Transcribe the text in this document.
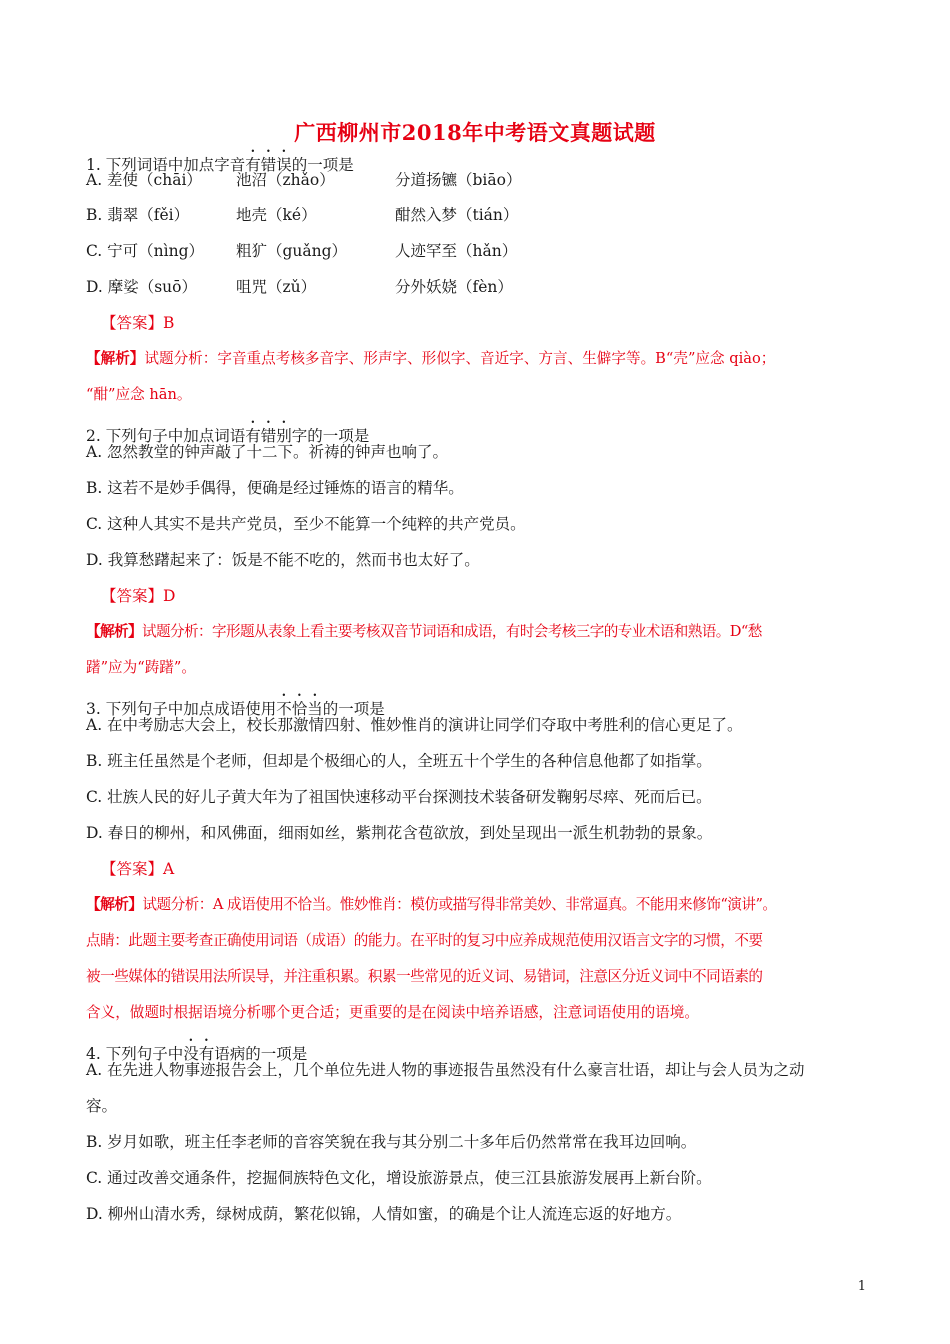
广西柳州市2018年中考语文真题试题
1. 下列词语中加点字音有错误的一项是
A. 差使（chāi） 池沼（zhǎo）	分道扬镳（biāo）
B. 翡翠（fěi）	地壳（ké）	酣然入梦（tián）
C. 宁可（nìng） 粗犷（guǎng）	人迹罕至（hǎn）
D. 摩娑（suō）	咀咒（zǔ）	分外妖娆（fèn）
【答案】B
【解析】试题分析：字音重点考核多音字、形声字、形似字、音近字、方言、生僻字等。B“壳”应念 qiào；
“酣”应念 hān。
2. 下列句子中加点词语有错别字的一项是
A. 忽然教堂的钟声敲了十二下。祈祷的钟声也响了。
B. 这若不是妙手偶得，便确是经过锤炼的语言的精华。
C. 这种人其实不是共产党员，至少不能算一个纯粹的共产党员。
D. 我算愁躇起来了：饭是不能不吃的，然而书也太好了。
【答案】D
【解析】试题分析：字形题从表象上看主要考核双音节词语和成语，有时会考核三字的专业术语和熟语。D“愁
躇”应为“踌躇”。
3. 下列句子中加点成语使用不恰当的一项是
A. 在中考励志大会上，校长那激情四射、惟妙惟肖的演讲让同学们夺取中考胜利的信心更足了。
B. 班主任虽然是个老师，但却是个极细心的人，全班五十个学生的各种信息他都了如指掌。
C. 壮族人民的好儿子黄大年为了祖国快速移动平台探测技术装备研发鞠躬尽瘁、死而后已。
D. 春日的柳州，和风佛面，细雨如丝，紫荆花含苞欲放，到处呈现出一派生机勃勃的景象。
【答案】A
【解析】试题分析：A 成语使用不恰当。惟妙惟肖：模仿或描写得非常美妙、非常逼真。不能用来修饰“演讲”。
点睛：此题主要考查正确使用词语（成语）的能力。在平时的复习中应养成规范使用汉语言文字的习惯，不要
被一些媒体的错误用法所误导，并注重积累。积累一些常见的近义词、易错词，注意区分近义词中不同语素的
含义，做题时根据语境分析哪个更合适；更重要的是在阅读中培养语感，注意词语使用的语境。
4. 下列句子中没有语病的一项是
A. 在先进人物事迹报告会上，几个单位先进人物的事迹报告虽然没有什么豪言壮语，却让与会人员为之动
容。
B. 岁月如歌，班主任李老师的音容笑貌在我与其分别二十多年后仍然常常在我耳边回响。
C. 通过改善交通条件，挖掘侗族特色文化，增设旅游景点，使三江县旅游发展再上新台阶。
D. 柳州山清水秀，绿树成荫，繁花似锦，人情如蜜，的确是个让人流连忘返的好地方。
1
